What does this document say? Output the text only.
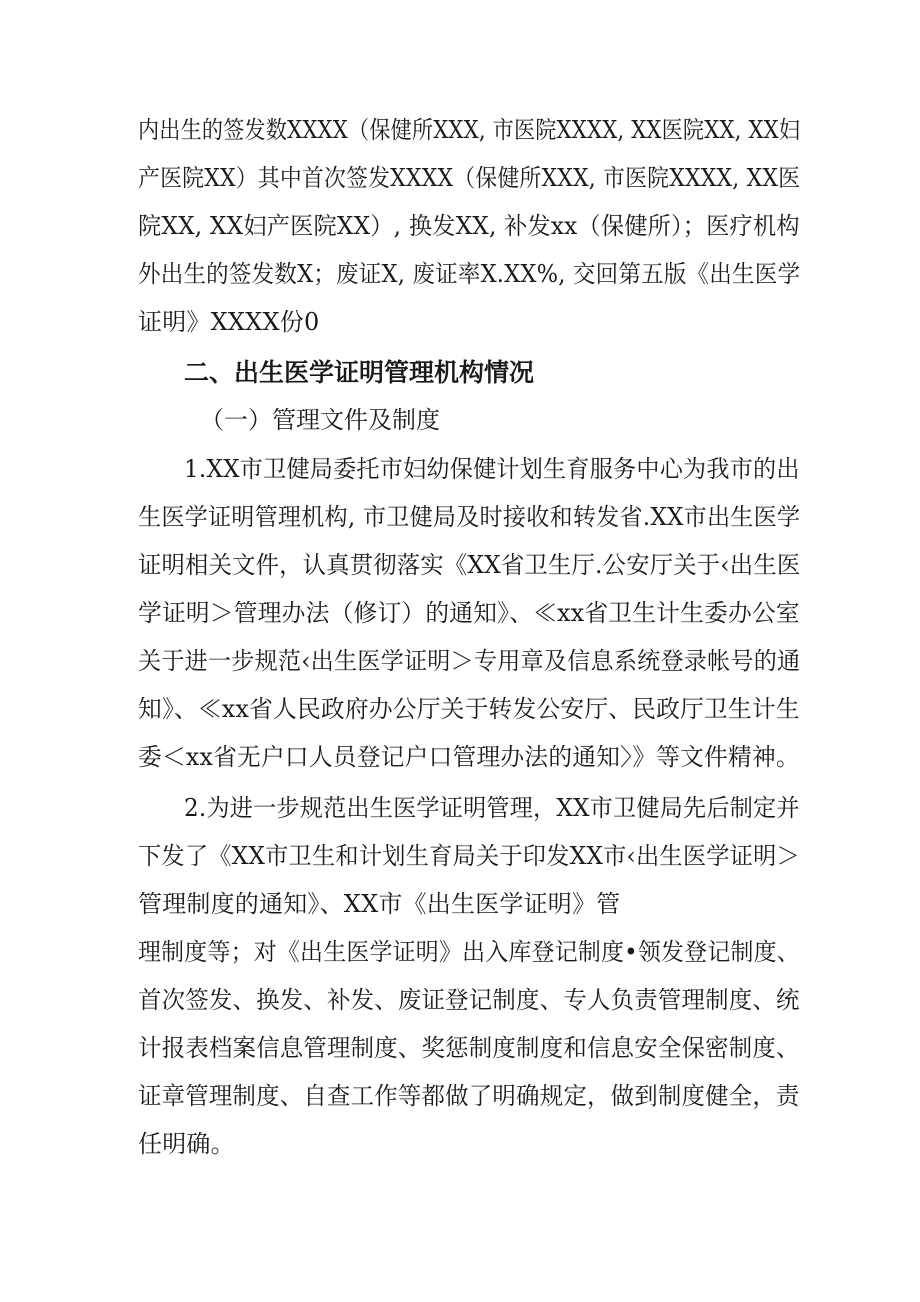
内出生的签发数XXXX（保健所XXX, 市医院XXXX, XX医院XX, XX妇
产医院XX）其中首次签发XXXX（保健所XXX, 市医院XXXX, XX医
院XX, XX妇产医院XX）, 换发XX, 补发xx（保健所）；医疗机构
外出生的签发数X；废证X, 废证率X.XX%, 交回第五版《出生医学
证明》XXXX份0
二、出生医学证明管理机构情况
（一）管理文件及制度
1.XX市卫健局委托市妇幼保健计划生育服务中心为我市的出
生医学证明管理机构, 市卫健局及时接收和转发省.XX市出生医学
证明相关文件，认真贯彻落实《XX省卫生厅.公安厅关于‹出生医
学证明＞管理办法（修订）的通知》、≪xx省卫生计生委办公室
关于进一步规范‹出生医学证明＞专用章及信息系统登录帐号的通
知》、≪xx省人民政府办公厅关于转发公安厅、民政厅卫生计生
委＜xx省无户口人员登记户口管理办法的通知〉》等文件精神。
2.为进一步规范出生医学证明管理，XX市卫健局先后制定并
下发了《XX市卫生和计划生育局关于印发XX市‹出生医学证明＞
管理制度的通知》、XX市《出生医学证明》管
理制度等；对《出生医学证明》出入库登记制度•领发登记制度、
首次签发、换发、补发、废证登记制度、专人负责管理制度、统
计报表档案信息管理制度、奖惩制度制度和信息安全保密制度、
证章管理制度、自查工作等都做了明确规定，做到制度健全，责
任明确。
